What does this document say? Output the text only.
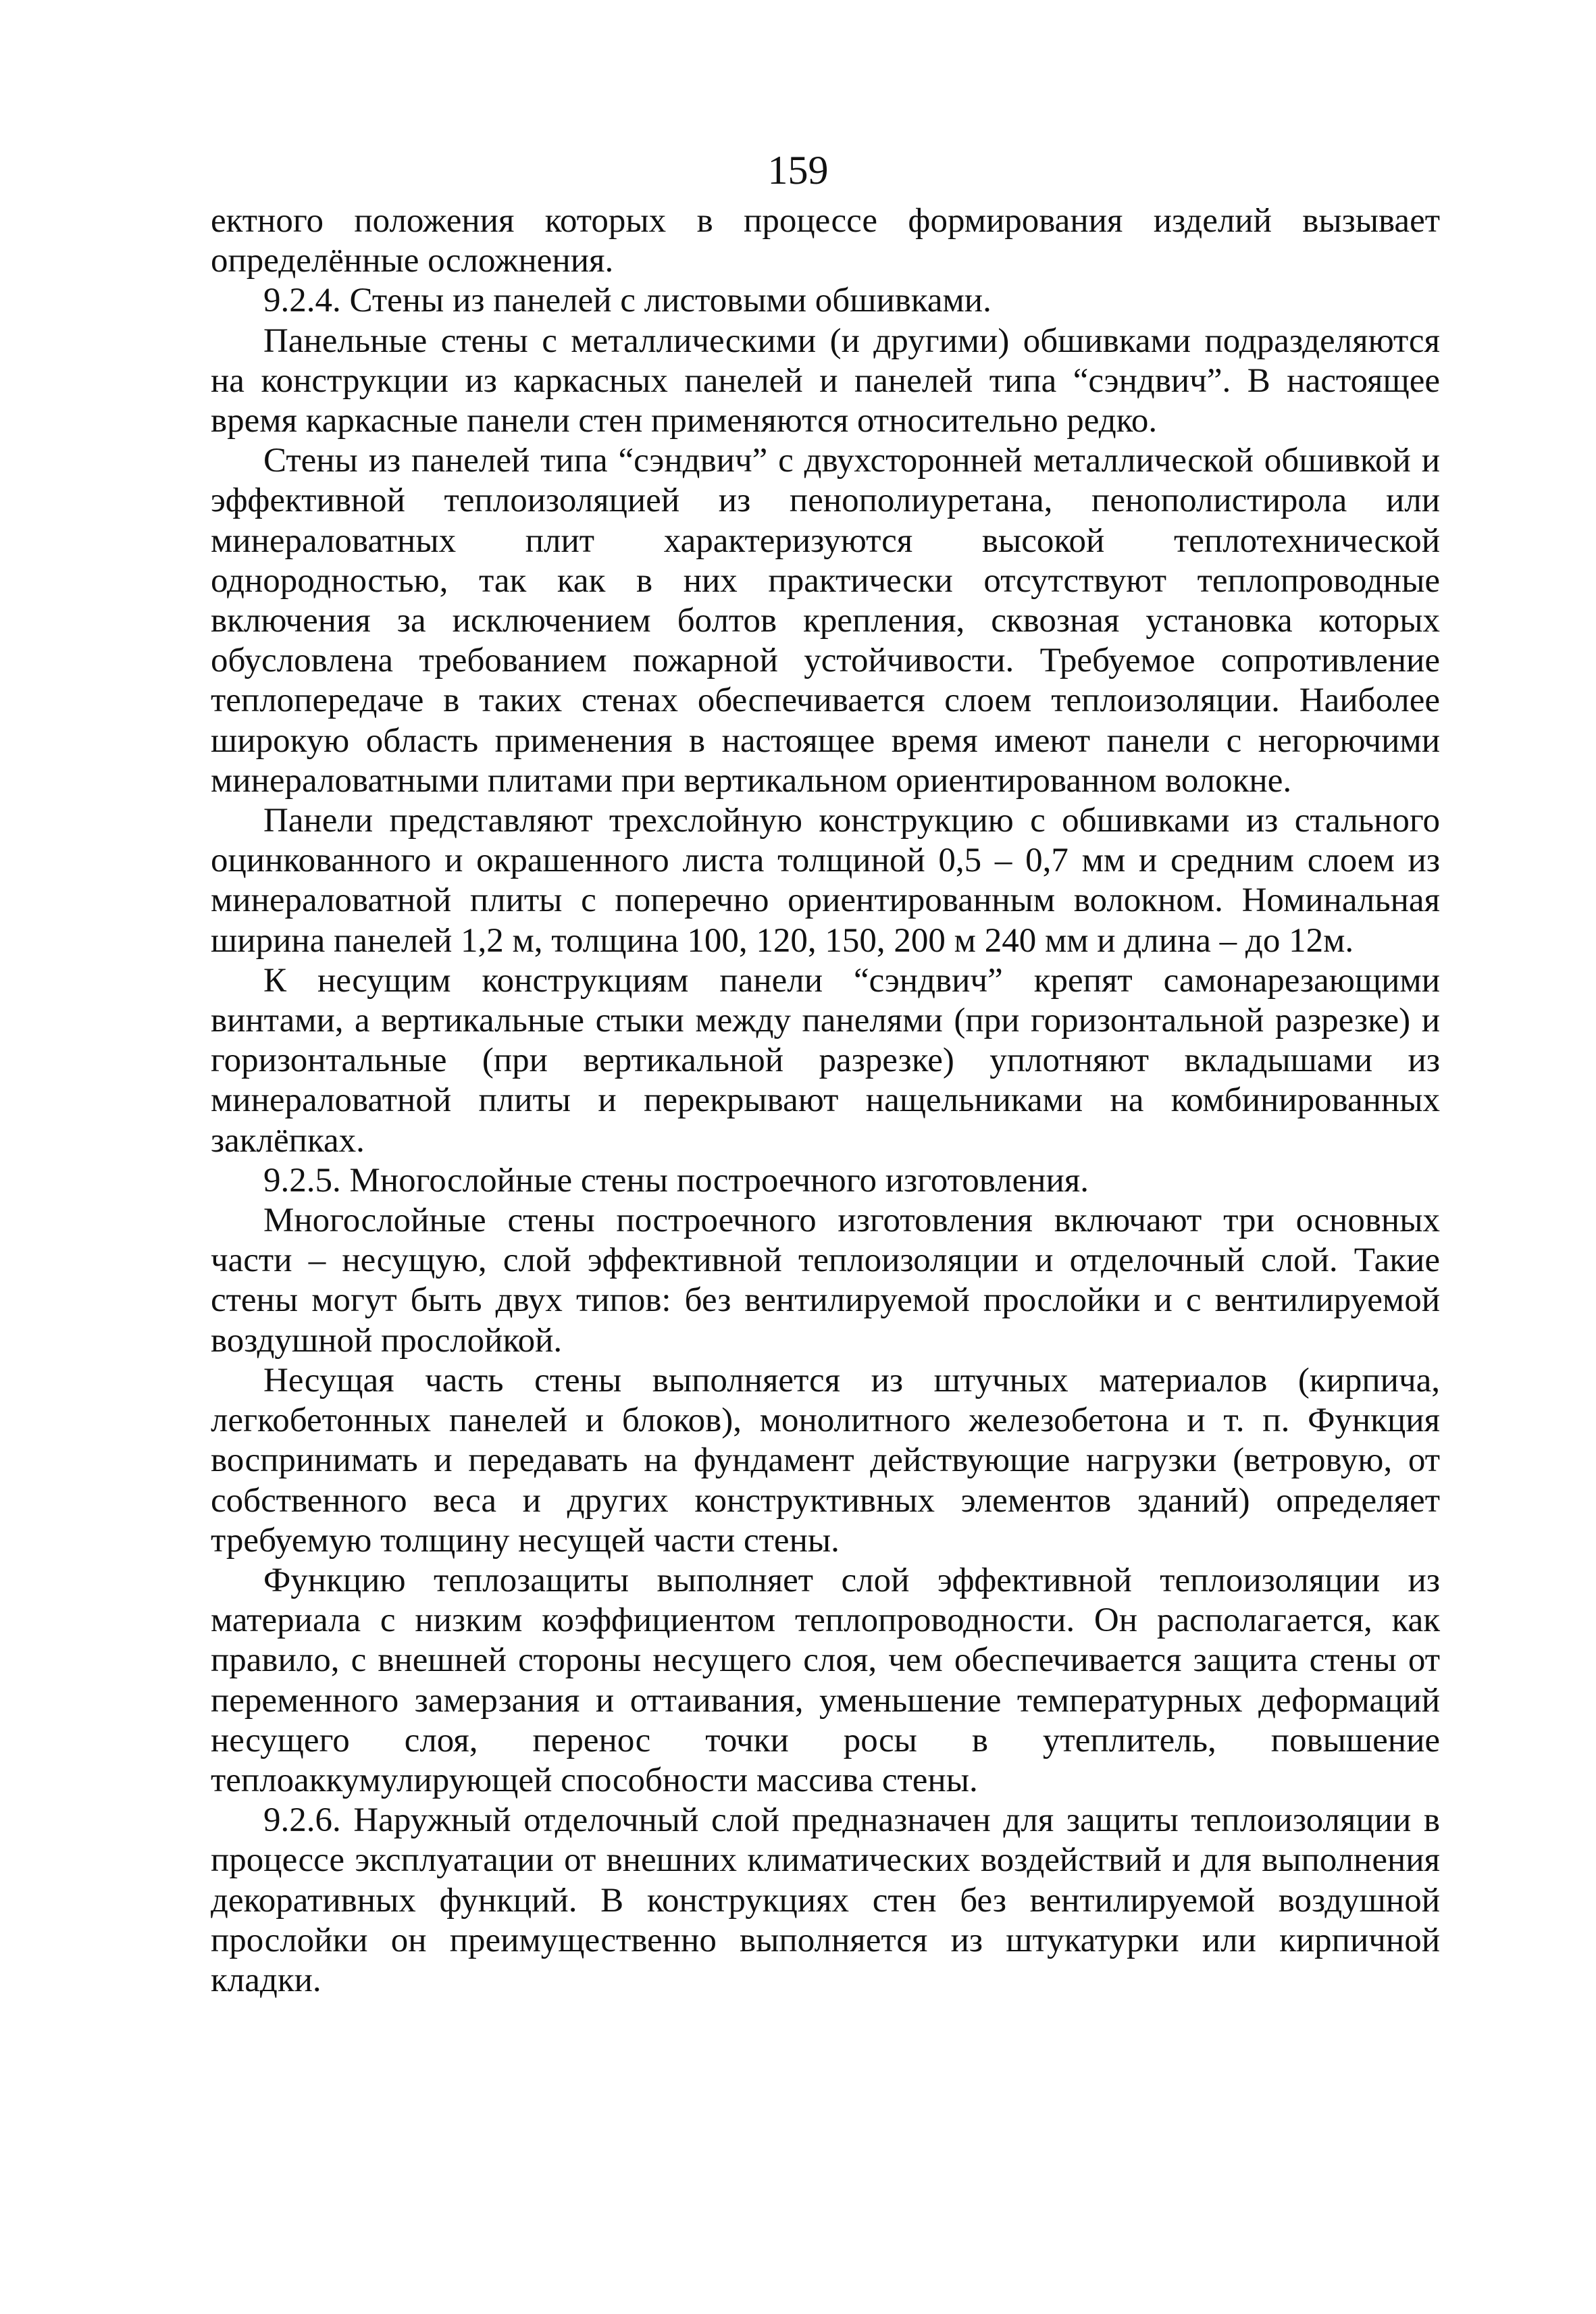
159

ектного положения которых в процессе формирования изделий вызывает определённые осложнения.

9.2.4. Стены из панелей с листовыми обшивками.

Панельные стены с металлическими (и другими) обшивками подразделяются на конструкции из каркасных панелей и панелей типа “сэндвич”. В настоящее время каркасные панели стен применяются относительно редко.

Стены из панелей типа “сэндвич” с двухсторонней металлической обшивкой и эффективной теплоизоляцией из пенополиуретана, пенополистирола или минераловатных плит характеризуются высокой теплотехнической однородностью, так как в них практически отсутствуют теплопроводные включения за исключением болтов крепления, сквозная установка которых обусловлена требованием пожарной устойчивости. Требуемое сопротивление теплопередаче в таких стенах обеспечивается слоем теплоизоляции. Наиболее широкую область применения в настоящее время имеют панели с негорючими минераловатными плитами при вертикальном ориентированном волокне.

Панели представляют трехслойную конструкцию с обшивками из стального оцинкованного и окрашенного листа толщиной 0,5 – 0,7 мм и средним слоем из минераловатной плиты с поперечно ориентированным волокном. Номинальная ширина панелей 1,2 м, толщина 100, 120, 150, 200 м 240 мм и длина – до 12м.

К несущим конструкциям панели “сэндвич” крепят самонарезающими винтами, а вертикальные стыки между панелями (при горизонтальной разрезке) и горизонтальные (при вертикальной разрезке) уплотняют вкладышами из минераловатной плиты и перекрывают нащельниками на комбинированных заклёпках.

9.2.5. Многослойные стены построечного изготовления.

Многослойные стены построечного изготовления включают три основных части – несущую, слой эффективной теплоизоляции и отделочный слой. Такие стены могут быть двух типов: без вентилируемой прослойки и с вентилируемой воздушной прослойкой.

Несущая часть стены выполняется из штучных материалов (кирпича, легкобетонных панелей и блоков), монолитного железобетона и т. п. Функция воспринимать и передавать на фундамент действующие нагрузки (ветровую, от собственного веса и других конструктивных элементов зданий) определяет требуемую толщину несущей части стены.

Функцию теплозащиты выполняет слой эффективной теплоизоляции из материала с низким коэффициентом теплопроводности. Он располагается, как правило, с внешней стороны несущего слоя, чем обеспечивается защита стены от переменного замерзания и оттаивания, уменьшение температурных деформаций несущего слоя, перенос точки росы в утеплитель, повышение теплоаккумулирующей способности массива стены.

9.2.6. Наружный отделочный слой предназначен для защиты теплоизоляции в процессе эксплуатации от внешних климатических воздействий и для выполнения декоративных функций. В конструкциях стен без вентилируемой воздушной прослойки он преимущественно выполняется из штукатурки или кирпичной кладки.
